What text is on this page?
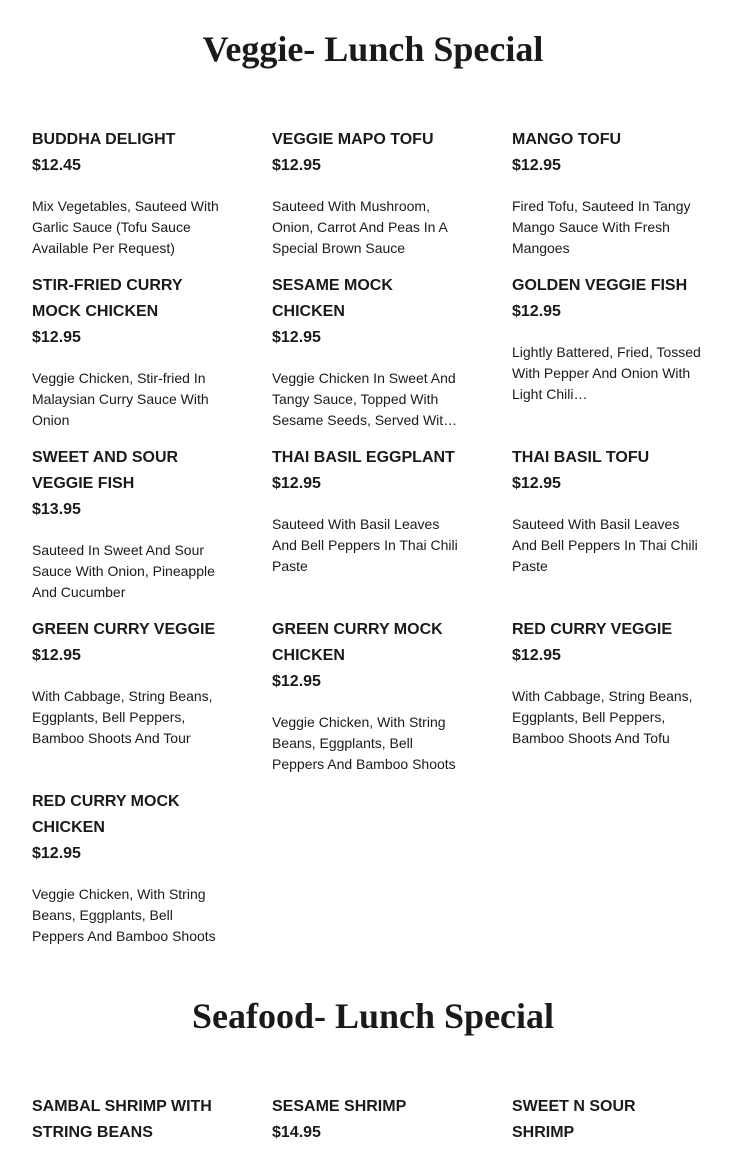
Veggie- Lunch Special
BUDDHA DELIGHT
$12.45
Mix Vegetables, Sauteed With Garlic Sauce (Tofu Sauce Available Per Request)
VEGGIE MAPO TOFU
$12.95
Sauteed With Mushroom, Onion, Carrot And Peas In A Special Brown Sauce
MANGO TOFU
$12.95
Fired Tofu, Sauteed In Tangy Mango Sauce With Fresh Mangoes
STIR-FRIED CURRY MOCK CHICKEN
$12.95
Veggie Chicken, Stir-fried In Malaysian Curry Sauce With Onion
SESAME MOCK CHICKEN
$12.95
Veggie Chicken In Sweet And Tangy Sauce, Topped With Sesame Seeds, Served Wit…
GOLDEN VEGGIE FISH
$12.95
Lightly Battered, Fried, Tossed With Pepper And Onion With Light Chili…
SWEET AND SOUR VEGGIE FISH
$13.95
Sauteed In Sweet And Sour Sauce With Onion, Pineapple And Cucumber
THAI BASIL EGGPLANT
$12.95
Sauteed With Basil Leaves And Bell Peppers In Thai Chili Paste
THAI BASIL TOFU
$12.95
Sauteed With Basil Leaves And Bell Peppers In Thai Chili Paste
GREEN CURRY VEGGIE
$12.95
With Cabbage, String Beans, Eggplants, Bell Peppers, Bamboo Shoots And Tour
GREEN CURRY MOCK CHICKEN
$12.95
Veggie Chicken, With String Beans, Eggplants, Bell Peppers And Bamboo Shoots
RED CURRY VEGGIE
$12.95
With Cabbage, String Beans, Eggplants, Bell Peppers, Bamboo Shoots And Tofu
RED CURRY MOCK CHICKEN
$12.95
Veggie Chicken, With String Beans, Eggplants, Bell Peppers And Bamboo Shoots
Seafood- Lunch Special
SAMBAL SHRIMP WITH STRING BEANS
SESAME SHRIMP
$14.95
SWEET N SOUR SHRIMP
